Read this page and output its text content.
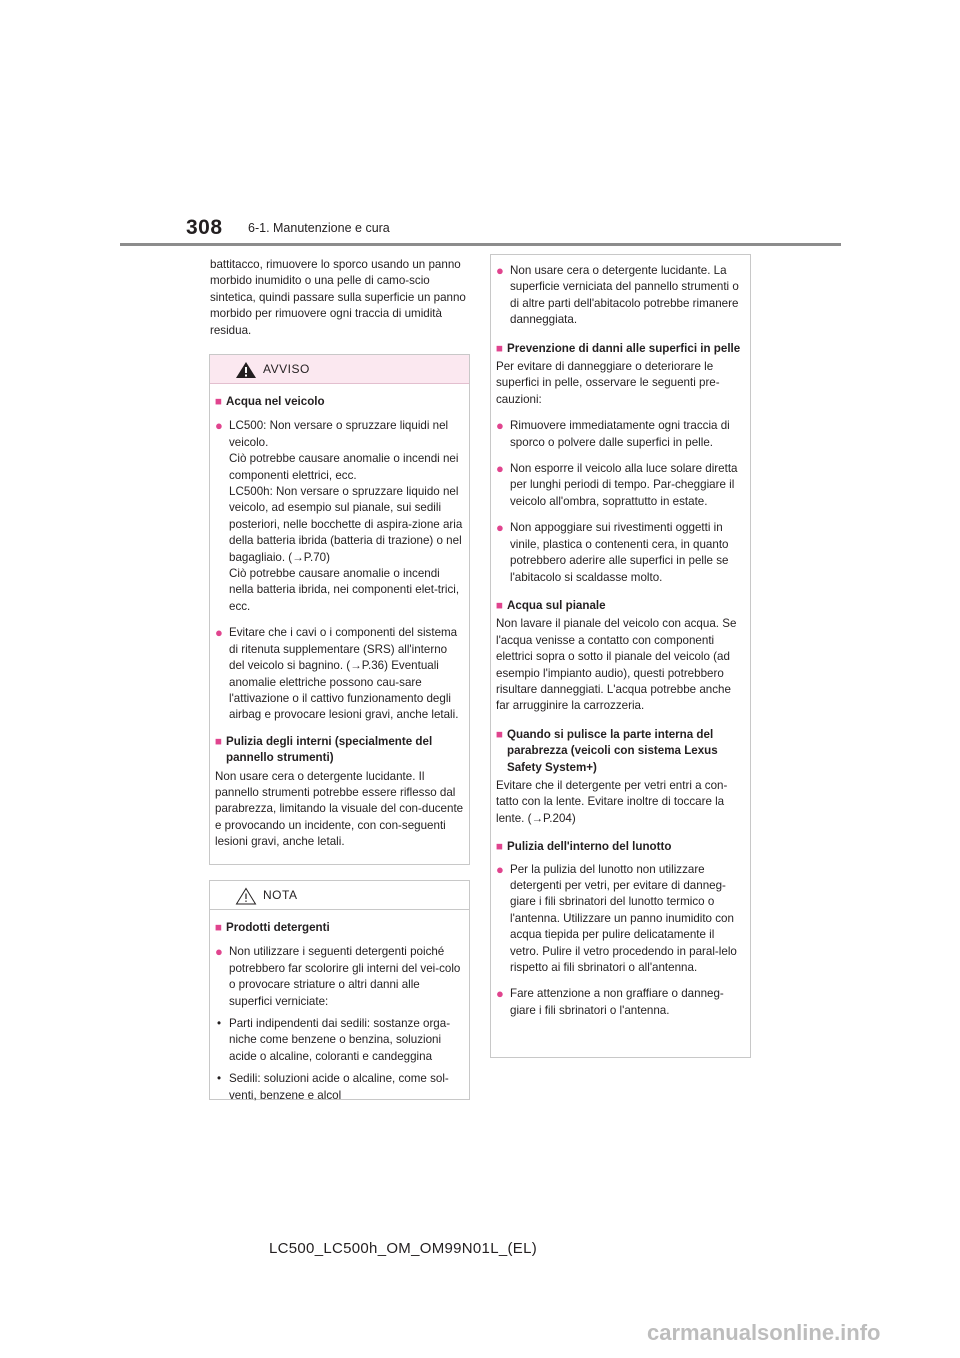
308 6-1. Manutenzione e cura
battitacco, rimuovere lo sporco usando un panno morbido inumidito o una pelle di camo-scio sintetica, quindi passare sulla superficie un panno morbido per rimuovere ogni traccia di umidità residua.
AVVISO
■ Acqua nel veicolo
● LC500: Non versare o spruzzare liquidi nel veicolo.

Ciò potrebbe causare anomalie o incendi nei componenti elettrici, ecc.

LC500h: Non versare o spruzzare liquido nel veicolo, ad esempio sul pianale, sui sedili posteriori, nelle bocchette di aspira-zione aria della batteria ibrida (batteria di trazione) o nel bagagliaio. (→P.70)

Ciò potrebbe causare anomalie o incendi nella batteria ibrida, nei componenti elet-trici, ecc.

● Evitare che i cavi o i componenti del sistema di ritenuta supplementare (SRS) all'interno del veicolo si bagnino. (→P.36) Eventuali anomalie elettriche possono cau-sare l'attivazione o il cattivo funzionamento degli airbag e provocare lesioni gravi, anche letali.
■ Pulizia degli interni (specialmente del pannello strumenti)
Non usare cera o detergente lucidante. Il pannello strumenti potrebbe essere riflesso dal parabrezza, limitando la visuale del con-ducente e provocando un incidente, con con-seguenti lesioni gravi, anche letali.
NOTA
■ Prodotti detergenti
● Non utilizzare i seguenti detergenti poiché potrebbero far scolorire gli interni del vei-colo o provocare striature o altri danni alle superfici verniciate:
• Parti indipendenti dai sedili: sostanze orga-niche come benzene o benzina, soluzioni acide o alcaline, coloranti e candeggina
• Sedili: soluzioni acide o alcaline, come sol-venti, benzene e alcol
● Non usare cera o detergente lucidante. La superficie verniciata del pannello strumenti o di altre parti dell'abitacolo potrebbe rimanere danneggiata.
■ Prevenzione di danni alle superfici in pelle
Per evitare di danneggiare o deteriorare le superfici in pelle, osservare le seguenti pre-cauzioni:
● Rimuovere immediatamente ogni traccia di sporco o polvere dalle superfici in pelle.
● Non esporre il veicolo alla luce solare diretta per lunghi periodi di tempo. Par-cheggiare il veicolo all'ombra, soprattutto in estate.
● Non appoggiare sui rivestimenti oggetti in vinile, plastica o contenenti cera, in quanto potrebbero aderire alle superfici in pelle se l'abitacolo si scaldasse molto.
■ Acqua sul pianale
Non lavare il pianale del veicolo con acqua. Se l'acqua venisse a contatto con componenti elettrici sopra o sotto il pianale del veicolo (ad esempio l'impianto audio), questi potrebbero risultare danneggiati. L'acqua potrebbe anche far arrugginire la carrozzeria.
■ Quando si pulisce la parte interna del parabrezza (veicoli con sistema Lexus Safety System+)
Evitare che il detergente per vetri entri a con-tatto con la lente. Evitare inoltre di toccare la lente. (→P.204)
■ Pulizia dell'interno del lunotto
● Per la pulizia del lunotto non utilizzare detergenti per vetri, per evitare di danneg-giare i fili sbrinatori del lunotto termico o l'antenna. Utilizzare un panno inumidito con acqua tiepida per pulire delicatamente il vetro. Pulire il vetro procedendo in paral-lelo rispetto ai fili sbrinatori o all'antenna.
● Fare attenzione a non graffiare o danneg-giare i fili sbrinatori o l'antenna.
LC500_LC500h_OM_OM99N01L_(EL)
carmanualsonline.info
